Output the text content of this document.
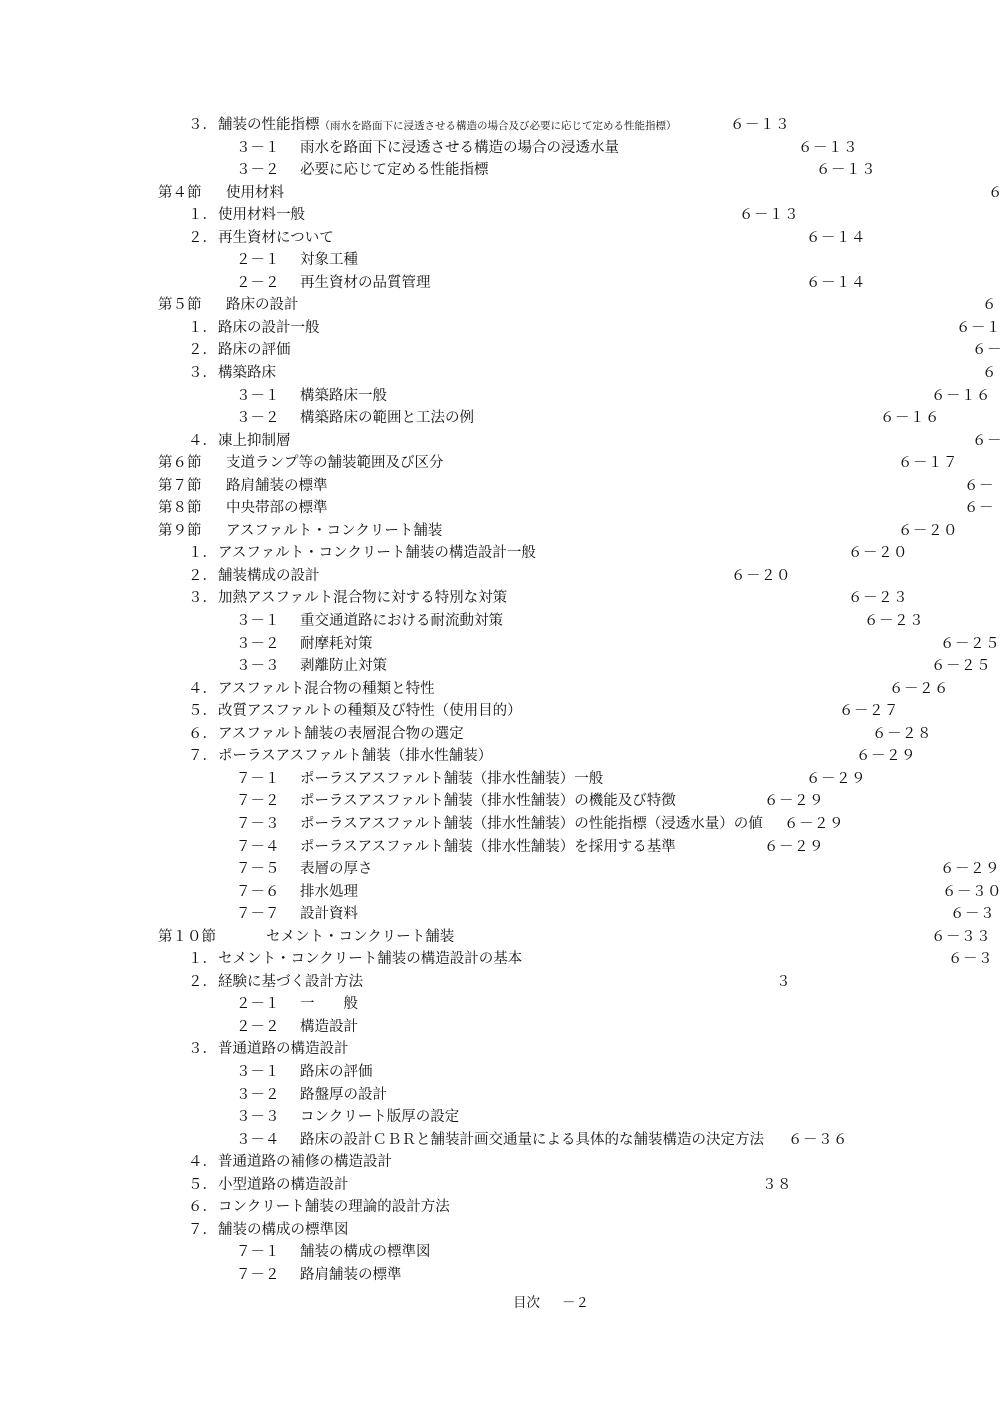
３． 舗装の性能指標（雨水を路面下に浸透させる構造の場合及び必要に応じて定める性能指標）	６－１３
３－１ 雨水を路面下に浸透させる構造の場合の浸透水量	６－１３
３－２ 必要に応じて定める性能指標	６－１３
第４節 使用材料	６
１． 使用材料一般	６－１３
２． 再生資材について	６－１４
２－１ 対象工種
２－２ 再生資材の品質管理	６－１４
第５節 路床の設計	６
１． 路床の設計一般	６－１
２． 路床の評価	６－
３． 構築路床	６
３－１ 構築路床一般	６－１６
３－２ 構築路床の範囲と工法の例	６－１６
４． 凍上抑制層	６－
第６節 支道ランプ等の舗装範囲及び区分	６－１７
第７節 路肩舗装の標準	６－
第８節 中央帯部の標準	６－
第９節 アスファルト・コンクリート舗装	６－２０
１． アスファルト・コンクリート舗装の構造設計一般	６－２０
２． 舗装構成の設計	６－２０
３． 加熱アスファルト混合物に対する特別な対策	６－２３
３－１ 重交通道路における耐流動対策	６－２３
３－２ 耐摩耗対策	６－２５
３－３ 剥離防止対策	６－２５
４． アスファルト混合物の種類と特性	６－２６
５． 改質アスファルトの種類及び特性（使用目的）	６－２７
６． アスファルト舗装の表層混合物の選定	６－２８
７． ポーラスアスファルト舗装（排水性舗装）	６－２９
７－１ ポーラスアスファルト舗装（排水性舗装）一般	６－２９
７－２ ポーラスアスファルト舗装（排水性舗装）の機能及び特徴	６－２９
７－３ ポーラスアスファルト舗装（排水性舗装）の性能指標（浸透水量）の値 ６－２９
７－４ ポーラスアスファルト舗装（排水性舗装）を採用する基準	６－２９
７－５ 表層の厚さ	６－２９
７－６ 排水処理	６－３０
７－７ 設計資料	６－３
第１０節	セメント・コンクリート舗装	６－３３
１． セメント・コンクリート舗装の構造設計の基本	６－３
２． 経験に基づく設計方法	３
２－１ 一　　般
２－２ 構造設計
３． 普通道路の構造設計
３－１ 路床の評価
３－２ 路盤厚の設計
３－３ コンクリート版厚の設定
３－４ 路床の設計ＣＢＲと舗装計画交通量による具体的な舗装構造の決定方法 ６－３６
４． 普通道路の補修の構造設計
５． 小型道路の構造設計	３８
６． コンクリート舗装の理論的設計方法
７． 舗装の構成の標準図
７－１ 舗装の構成の標準図
７－２ 路肩舗装の標準
目次 －２
